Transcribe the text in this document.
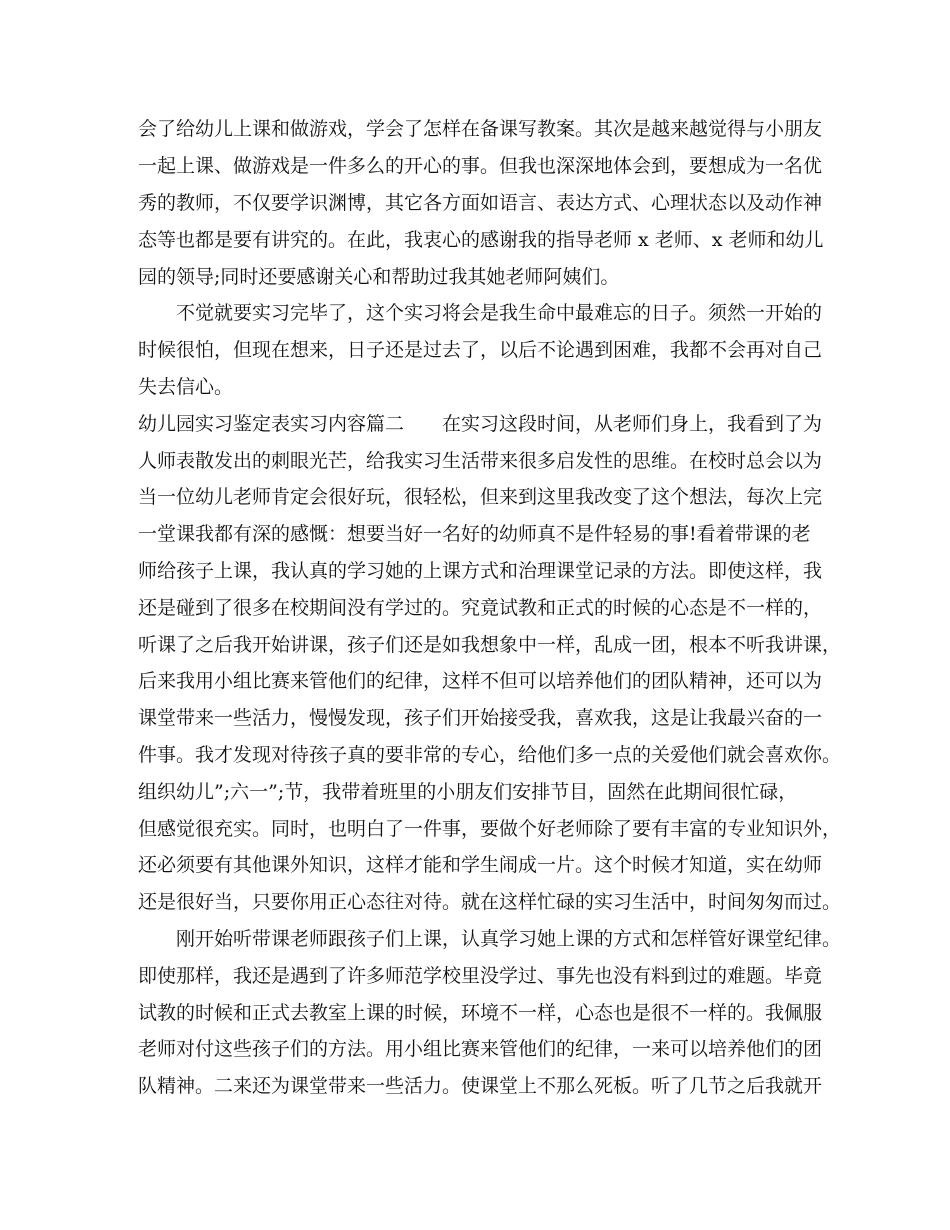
会了给幼儿上课和做游戏，学会了怎样在备课写教案。其次是越来越觉得与小朋友
一起上课、做游戏是一件多么的开心的事。但我也深深地体会到，要想成为一名优
秀的教师，不仅要学识渊博，其它各方面如语言、表达方式、心理状态以及动作神
态等也都是要有讲究的。在此，我衷心的感谢我的指导老师 x 老师、x 老师和幼儿
园的领导;同时还要感谢关心和帮助过我其她老师阿姨们。
　　不觉就要实习完毕了，这个实习将会是我生命中最难忘的日子。须然一开始的
时候很怕，但现在想来，日子还是过去了，以后不论遇到困难，我都不会再对自己
失去信心。
幼儿园实习鉴定表实习内容篇二　　在实习这段时间，从老师们身上，我看到了为
人师表散发出的刺眼光芒，给我实习生活带来很多启发性的思维。在校时总会以为
当一位幼儿老师肯定会很好玩，很轻松，但来到这里我改变了这个想法，每次上完
一堂课我都有深的感慨：想要当好一名好的幼师真不是件轻易的事!看着带课的老
师给孩子上课，我认真的学习她的上课方式和治理课堂记录的方法。即使这样，我
还是碰到了很多在校期间没有学过的。究竟试教和正式的时候的心态是不一样的，
听课了之后我开始讲课，孩子们还是如我想象中一样，乱成一团，根本不听我讲课，
后来我用小组比赛来管他们的纪律，这样不但可以培养他们的团队精神，还可以为
课堂带来一些活力，慢慢发现，孩子们开始接受我，喜欢我，这是让我最兴奋的一
件事。我才发现对待孩子真的要非常的专心，给他们多一点的关爱他们就会喜欢你。
组织幼儿”;六一”;节，我带着班里的小朋友们安排节目，固然在此期间很忙碌，
但感觉很充实。同时，也明白了一件事，要做个好老师除了要有丰富的专业知识外，
还必须要有其他课外知识，这样才能和学生闹成一片。这个时候才知道，实在幼师
还是很好当，只要你用正心态往对待。就在这样忙碌的实习生活中，时间匆匆而过。
　　刚开始听带课老师跟孩子们上课，认真学习她上课的方式和怎样管好课堂纪律。
即使那样，我还是遇到了许多师范学校里没学过、事先也没有料到过的难题。毕竟
试教的时候和正式去教室上课的时候，环境不一样，心态也是很不一样的。我佩服
老师对付这些孩子们的方法。用小组比赛来管他们的纪律，一来可以培养他们的团
队精神。二来还为课堂带来一些活力。使课堂上不那么死板。听了几节之后我就开
